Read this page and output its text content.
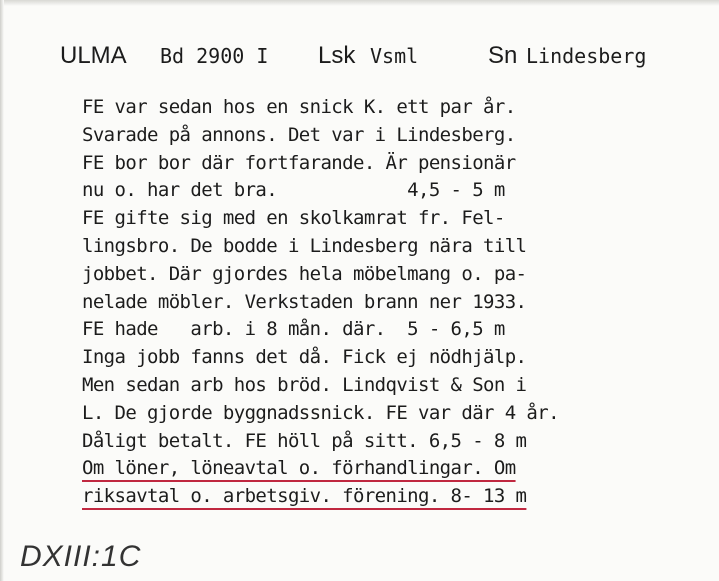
ULMA Bd 2900 I Lsk Vsml	Sn Lindesberg
FE var sedan hos en snick K. ett par år.
Svarade på annons. Det var i Lindesberg.
FE bor bor där fortfarande. Är pensionär
nu o. har det bra.            4,5 - 5 m
FE gifte sig med en skolkamrat fr. Fel-
lingsbro. De bodde i Lindesberg nära till
jobbet. Där gjordes hela möbelmang o. pa-
nelade möbler. Verkstaden brann ner 1933.
FE hade   arb. i 8 mån. där.  5 - 6,5 m
Inga jobb fanns det då. Fick ej nödhjälp.
Men sedan arb hos bröd. Lindqvist & Son i
L. De gjorde byggnadssnick. FE var där 4 år.
Dåligt betalt. FE höll på sitt. 6,5 - 8 m
Om löner, löneavtal o. förhandlingar. Om
riksavtal o. arbetsgiv. förening. 8- 13 m
DXIII:1C
